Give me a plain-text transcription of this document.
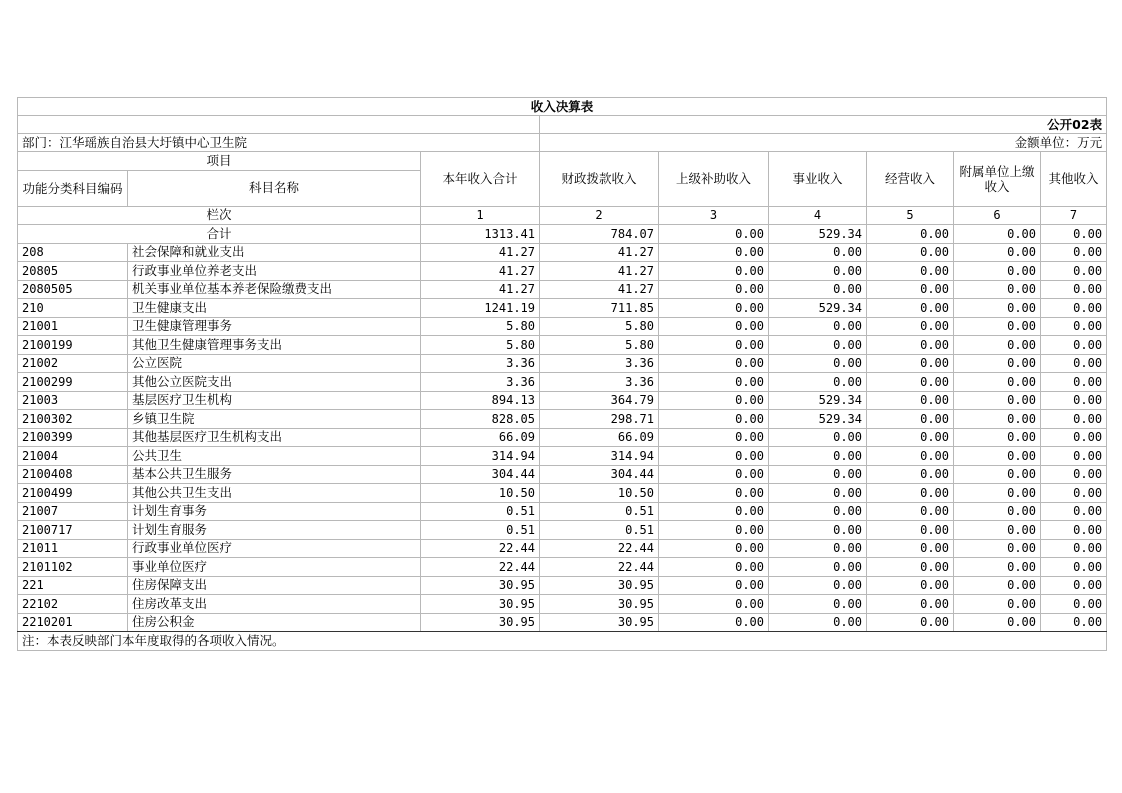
收入决算表								
			公开02表					
部门：江华瑶族自治县大圩镇中心卫生院			金额单位：万元					
项目		本年收入合计	财政拨款收入	上级补助收入	事业收入	经营收入	附属单位上缴收入	其他收入
功能分类科目编码	科目名称							
栏次		1	2	3	4	5	6	7
合计		1313.41	784.07	0.00	529.34	0.00	0.00	0.00
208	社会保障和就业支出	41.27	41.27	0.00	0.00	0.00	0.00	0.00
20805	行政事业单位养老支出	41.27	41.27	0.00	0.00	0.00	0.00	0.00
2080505	机关事业单位基本养老保险缴费支出	41.27	41.27	0.00	0.00	0.00	0.00	0.00
210	卫生健康支出	1241.19	711.85	0.00	529.34	0.00	0.00	0.00
21001	卫生健康管理事务	5.80	5.80	0.00	0.00	0.00	0.00	0.00
2100199	其他卫生健康管理事务支出	5.80	5.80	0.00	0.00	0.00	0.00	0.00
21002	公立医院	3.36	3.36	0.00	0.00	0.00	0.00	0.00
2100299	其他公立医院支出	3.36	3.36	0.00	0.00	0.00	0.00	0.00
21003	基层医疗卫生机构	894.13	364.79	0.00	529.34	0.00	0.00	0.00
2100302	乡镇卫生院	828.05	298.71	0.00	529.34	0.00	0.00	0.00
2100399	其他基层医疗卫生机构支出	66.09	66.09	0.00	0.00	0.00	0.00	0.00
21004	公共卫生	314.94	314.94	0.00	0.00	0.00	0.00	0.00
2100408	基本公共卫生服务	304.44	304.44	0.00	0.00	0.00	0.00	0.00
2100499	其他公共卫生支出	10.50	10.50	0.00	0.00	0.00	0.00	0.00
21007	计划生育事务	0.51	0.51	0.00	0.00	0.00	0.00	0.00
2100717	计划生育服务	0.51	0.51	0.00	0.00	0.00	0.00	0.00
21011	行政事业单位医疗	22.44	22.44	0.00	0.00	0.00	0.00	0.00
2101102	事业单位医疗	22.44	22.44	0.00	0.00	0.00	0.00	0.00
221	住房保障支出	30.95	30.95	0.00	0.00	0.00	0.00	0.00
22102	住房改革支出	30.95	30.95	0.00	0.00	0.00	0.00	0.00
2210201	住房公积金	30.95	30.95	0.00	0.00	0.00	0.00	0.00
注：本表反映部门本年度取得的各项收入情况。								
